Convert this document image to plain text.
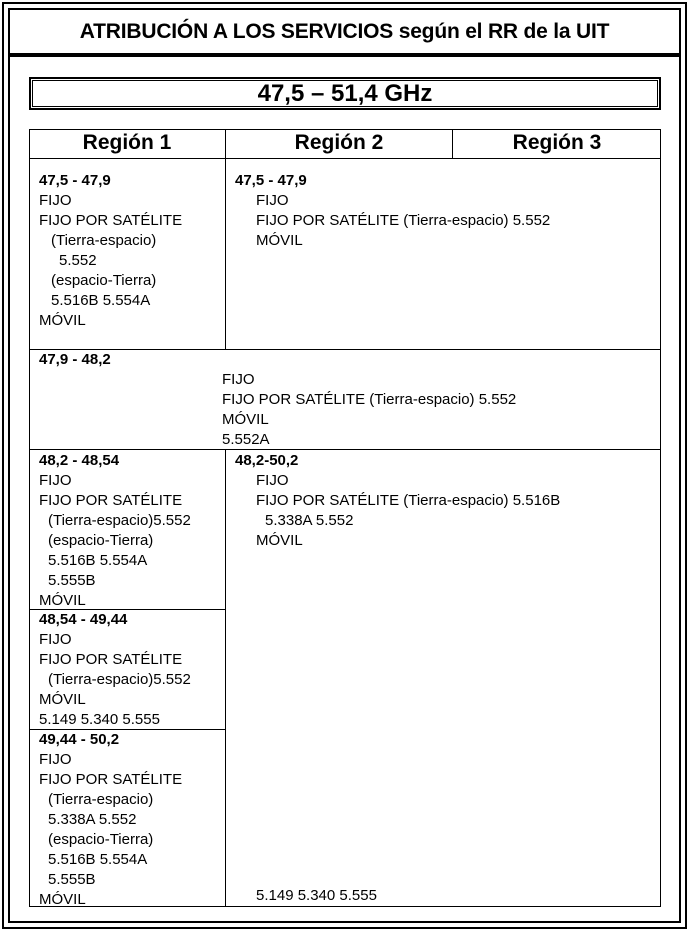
ATRIBUCIÓN A LOS SERVICIOS según el RR de la UIT
47,5 – 51,4 GHz
Región 1	Región 2	Región 3
47,5 - 47,9
FIJO
FIJO POR SATÉLITE
(Tierra-espacio)
5.552
(espacio-Tierra)
5.516B 5.554A
MÓVIL
47,5 - 47,9
FIJO
FIJO POR SATÉLITE (Tierra-espacio) 5.552
MÓVIL
47,9 - 48,2
FIJO
FIJO POR SATÉLITE (Tierra-espacio) 5.552
MÓVIL
5.552A
48,2 - 48,54
FIJO
FIJO POR SATÉLITE
(Tierra-espacio)5.552
(espacio-Tierra)
5.516B 5.554A
5.555B
MÓVIL
48,54 - 49,44
FIJO
FIJO POR SATÉLITE
(Tierra-espacio)5.552
MÓVIL
5.149 5.340 5.555
49,44 - 50,2
FIJO
FIJO POR SATÉLITE
(Tierra-espacio)
5.338A 5.552
(espacio-Tierra)
5.516B 5.554A
5.555B
MÓVIL
48,2-50,2
FIJO
FIJO POR SATÉLITE (Tierra-espacio) 5.516B
5.338A 5.552
MÓVIL
5.149 5.340 5.555
